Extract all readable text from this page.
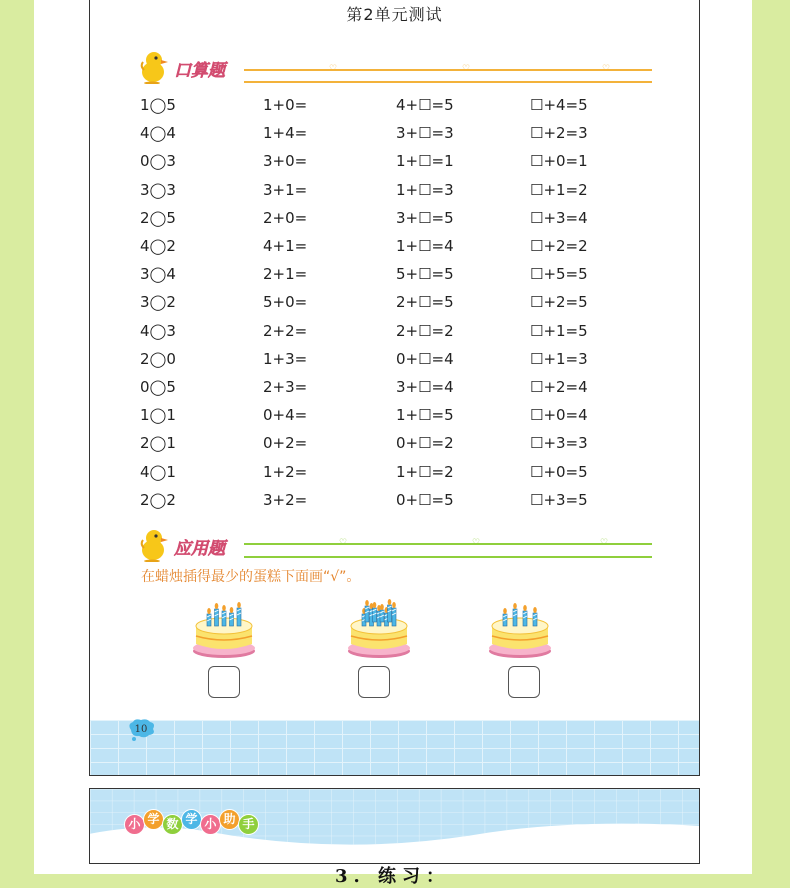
第2单元测试
口算题	♡	♡	♡
应用题	♡	♡	♡
在蜡烛插得最少的蛋糕下面画“√”。
10
1◯5	1+0=	4+☐=5	☐+4=5
4◯4	1+4=	3+☐=3	☐+2=3
0◯3	3+0=	1+☐=1	☐+0=1
3◯3	3+1=	1+☐=3	☐+1=2
2◯5	2+0=	3+☐=5	☐+3=4
4◯2	4+1=	1+☐=4	☐+2=2
3◯4	2+1=	5+☐=5	☐+5=5
3◯2	5+0=	2+☐=5	☐+2=5
4◯3	2+2=	2+☐=2	☐+1=5
2◯0	1+3=	0+☐=4	☐+1=3
0◯5	2+3=	3+☐=4	☐+2=4
1◯1	0+4=	1+☐=5	☐+0=4
2◯1	0+2=	0+☐=2	☐+3=3
4◯1	1+2=	1+☐=2	☐+0=5
2◯2	3+2=	0+☐=5	☐+3=5
小 学 数 学 小 助 手
3. 练习：
